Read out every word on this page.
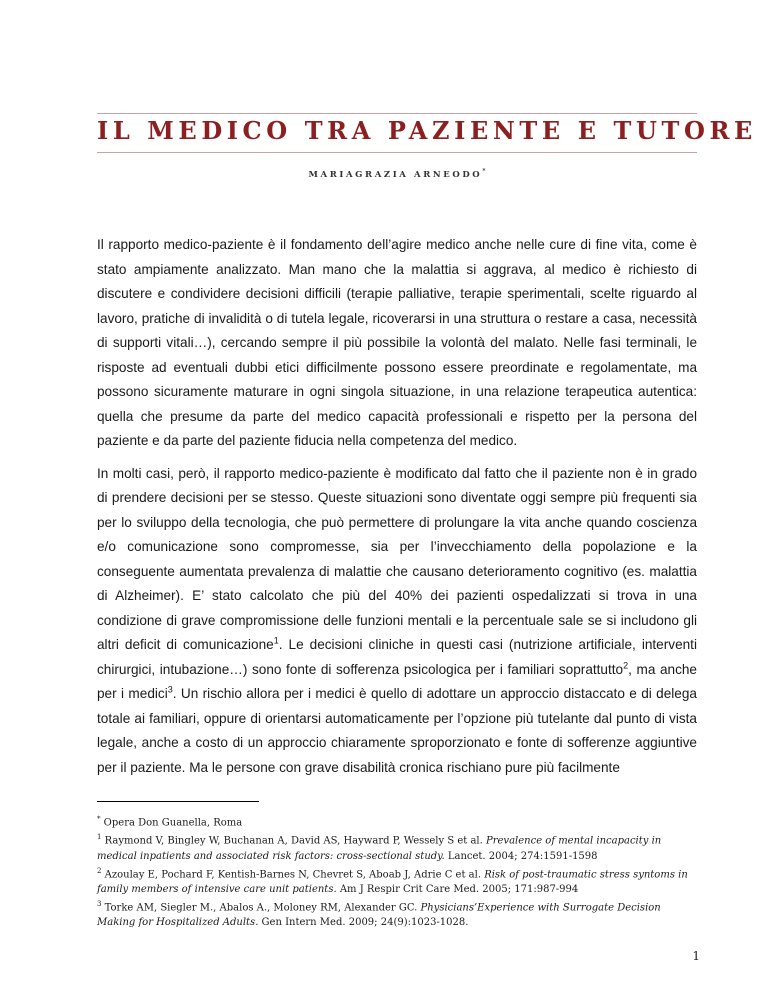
IL MEDICO TRA PAZIENTE E TUTORE
MARIAGRAZIA ARNEODO*

Il rapporto medico-paziente è il fondamento dell’agire medico anche nelle cure di fine vita, come è stato ampiamente analizzato. Man mano che la malattia si aggrava, al medico è richiesto di discutere e condividere decisioni difficili (terapie palliative, terapie sperimentali, scelte riguardo al lavoro, pratiche di invalidità o di tutela legale, ricoverarsi in una struttura o restare a casa, necessità di supporti vitali…), cercando sempre il più possibile la volontà del malato. Nelle fasi terminali, le risposte ad eventuali dubbi etici difficilmente possono essere preordinate e regolamentate, ma possono sicuramente maturare in ogni singola situazione, in una relazione terapeutica autentica: quella che presume da parte del medico capacità professionali e rispetto per la persona del paziente e da parte del paziente fiducia nella competenza del medico.

In molti casi, però, il rapporto medico-paziente è modificato dal fatto che il paziente non è in grado di prendere decisioni per se stesso. Queste situazioni sono diventate oggi sempre più frequenti sia per lo sviluppo della tecnologia, che può permettere di prolungare la vita anche quando coscienza e/o comunicazione sono compromesse, sia per l’invecchiamento della popolazione e la conseguente aumentata prevalenza di malattie che causano deterioramento cognitivo (es. malattia di Alzheimer). E’ stato calcolato che più del 40% dei pazienti ospedalizzati si trova in una condizione di grave compromissione delle funzioni mentali e la percentuale sale se si includono gli altri deficit di comunicazione$^1$. Le decisioni cliniche in questi casi (nutrizione artificiale, interventi chirurgici, intubazione…) sono fonte di sofferenza psicologica per i familiari soprattutto$^2$, ma anche per i medici$^3$. Un rischio allora per i medici è quello di adottare un approccio distaccato e di delega totale ai familiari, oppure di orientarsi automaticamente per l’opzione più tutelante dal punto di vista legale, anche a costo di un approccio chiaramente sproporzionato e fonte di sofferenze aggiuntive per il paziente. Ma le persone con grave disabilità cronica rischiano pure più facilmente

* Opera Don Guanella, Roma

$^1$ Raymond V, Bingley W, Buchanan A, David AS, Hayward P, Wessely S et al. Prevalence of mental incapacity in medical inpatients and associated risk factors: cross-sectional study. Lancet. 2004; 274:1591-1598

$^2$ Azoulay E, Pochard F, Kentish-Barnes N, Chevret S, Aboab J, Adrie C et al. Risk of post-traumatic stress syntoms in family members of intensive care unit patients. Am J Respir Crit Care Med. 2005; 171:987-994

$^3$ Torke AM, Siegler M., Abalos A., Moloney RM, Alexander GC. Physicians’Experience with Surrogate Decision Making for Hospitalized Adults. Gen Intern Med. 2009; 24(9):1023-1028.

1
